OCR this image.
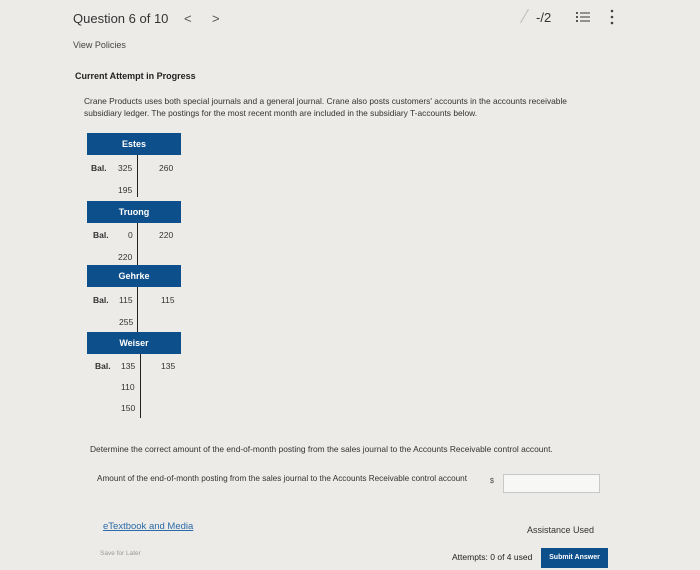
Question 6 of 10 < >	-/2
View Policies
Current Attempt in Progress
Crane Products uses both special journals and a general journal. Crane also posts customers' accounts in the accounts receivable subsidiary ledger. The postings for the most recent month are included in the subsidiary T-accounts below.
Estes
Bal. 325	260
195
Truong
Bal. 0	220
220
Gehrke
Bal. 115	115
255
Weiser
Bal. 135	135
110
150
Determine the correct amount of the end-of-month posting from the sales journal to the Accounts Receivable control account.
Amount of the end-of-month posting from the sales journal to the Accounts Receivable control account	$
eTextbook and Media	Assistance Used
Save for Later	Attempts: 0 of 4 used	Submit Answer
